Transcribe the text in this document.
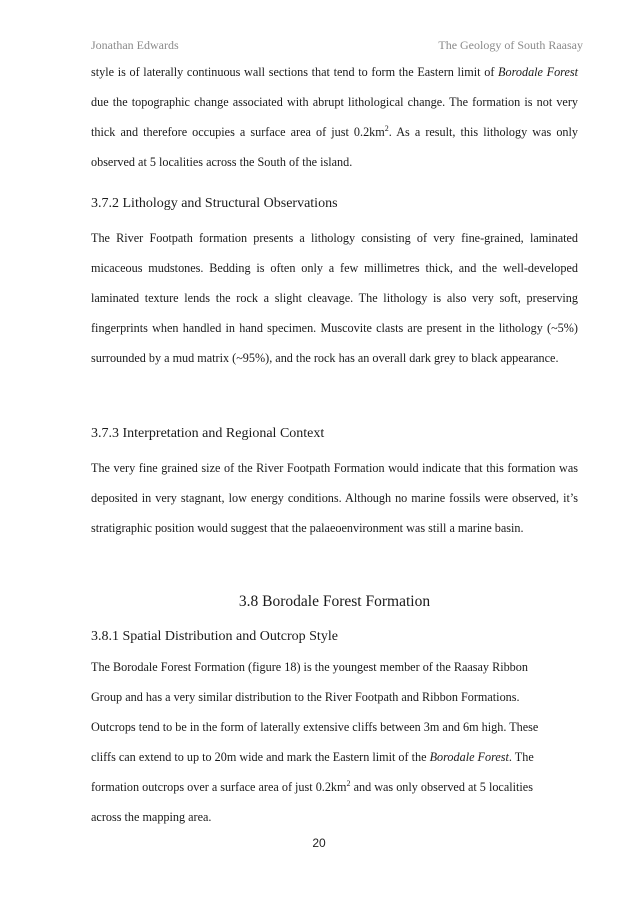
Jonathan Edwards	The Geology of South Raasay

style is of laterally continuous wall sections that tend to form the Eastern limit of Borodale Forest due the topographic change associated with abrupt lithological change. The formation is not very thick and therefore occupies a surface area of just $0.2km^2$. As a result, this lithology was only observed at 5 localities across the South of the island.

3.7.2 Lithology and Structural Observations

The River Footpath formation presents a lithology consisting of very fine-grained, laminated micaceous mudstones. Bedding is often only a few millimetres thick, and the well-developed laminated texture lends the rock a slight cleavage. The lithology is also very soft, preserving fingerprints when handled in hand specimen. Muscovite clasts are present in the lithology (~5%) surrounded by a mud matrix (~95%), and the rock has an overall dark grey to black appearance.

3.7.3 Interpretation and Regional Context

The very fine grained size of the River Footpath Formation would indicate that this formation was deposited in very stagnant, low energy conditions. Although no marine fossils were observed, it’s stratigraphic position would suggest that the palaeoenvironment was still a marine basin.

3.8 Borodale Forest Formation
3.8.1 Spatial Distribution and Outcrop Style

The Borodale Forest Formation (figure 18) is the youngest member of the Raasay Ribbon Group and has a very similar distribution to the River Footpath and Ribbon Formations. Outcrops tend to be in the form of laterally extensive cliffs between 3m and 6m high. These cliffs can extend to up to 20m wide and mark the Eastern limit of the Borodale Forest. The formation outcrops over a surface area of just $0.2km^2$ and was only observed at 5 localities across the mapping area.

20
